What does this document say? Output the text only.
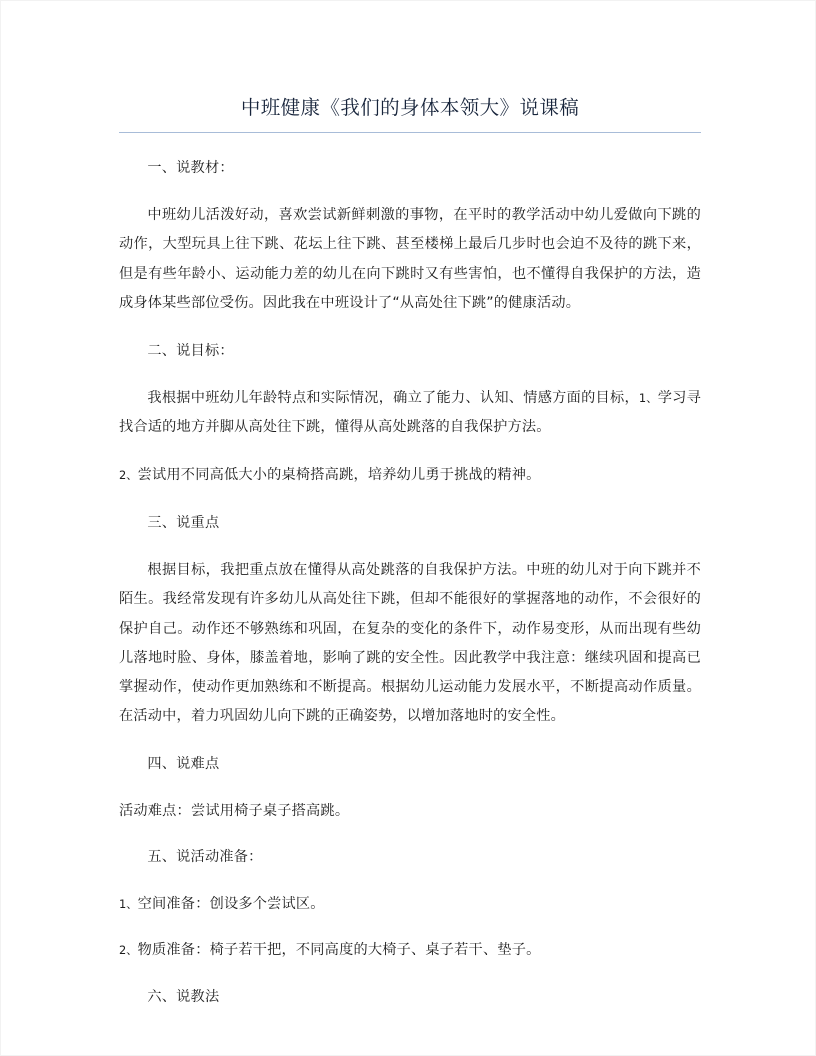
中班健康《我们的身体本领大》说课稿

一、说教材：

中班幼儿活泼好动，喜欢尝试新鲜刺激的事物，在平时的教学活动中幼儿爱做向下跳的动作，大型玩具上往下跳、花坛上往下跳、甚至楼梯上最后几步时也会迫不及待的跳下来，但是有些年龄小、运动能力差的幼儿在向下跳时又有些害怕，也不懂得自我保护的方法，造成身体某些部位受伤。因此我在中班设计了“从高处往下跳”的健康活动。

二、说目标：

我根据中班幼儿年龄特点和实际情况，确立了能力、认知、情感方面的目标，1、学习寻找合适的地方并脚从高处往下跳，懂得从高处跳落的自我保护方法。

2、尝试用不同高低大小的桌椅搭高跳，培养幼儿勇于挑战的精神。

三、说重点

根据目标，我把重点放在懂得从高处跳落的自我保护方法。中班的幼儿对于向下跳并不陌生。我经常发现有许多幼儿从高处往下跳，但却不能很好的掌握落地的动作，不会很好的保护自己。动作还不够熟练和巩固，在复杂的变化的条件下，动作易变形，从而出现有些幼儿落地时脸、身体，膝盖着地，影响了跳的安全性。因此教学中我注意：继续巩固和提高已掌握动作，使动作更加熟练和不断提高。根据幼儿运动能力发展水平，不断提高动作质量。在活动中，着力巩固幼儿向下跳的正确姿势，以增加落地时的安全性。

四、说难点

活动难点：尝试用椅子桌子搭高跳。

五、说活动准备：

1、空间准备：创设多个尝试区。

2、物质准备：椅子若干把，不同高度的大椅子、桌子若干、垫子。

六、说教法
